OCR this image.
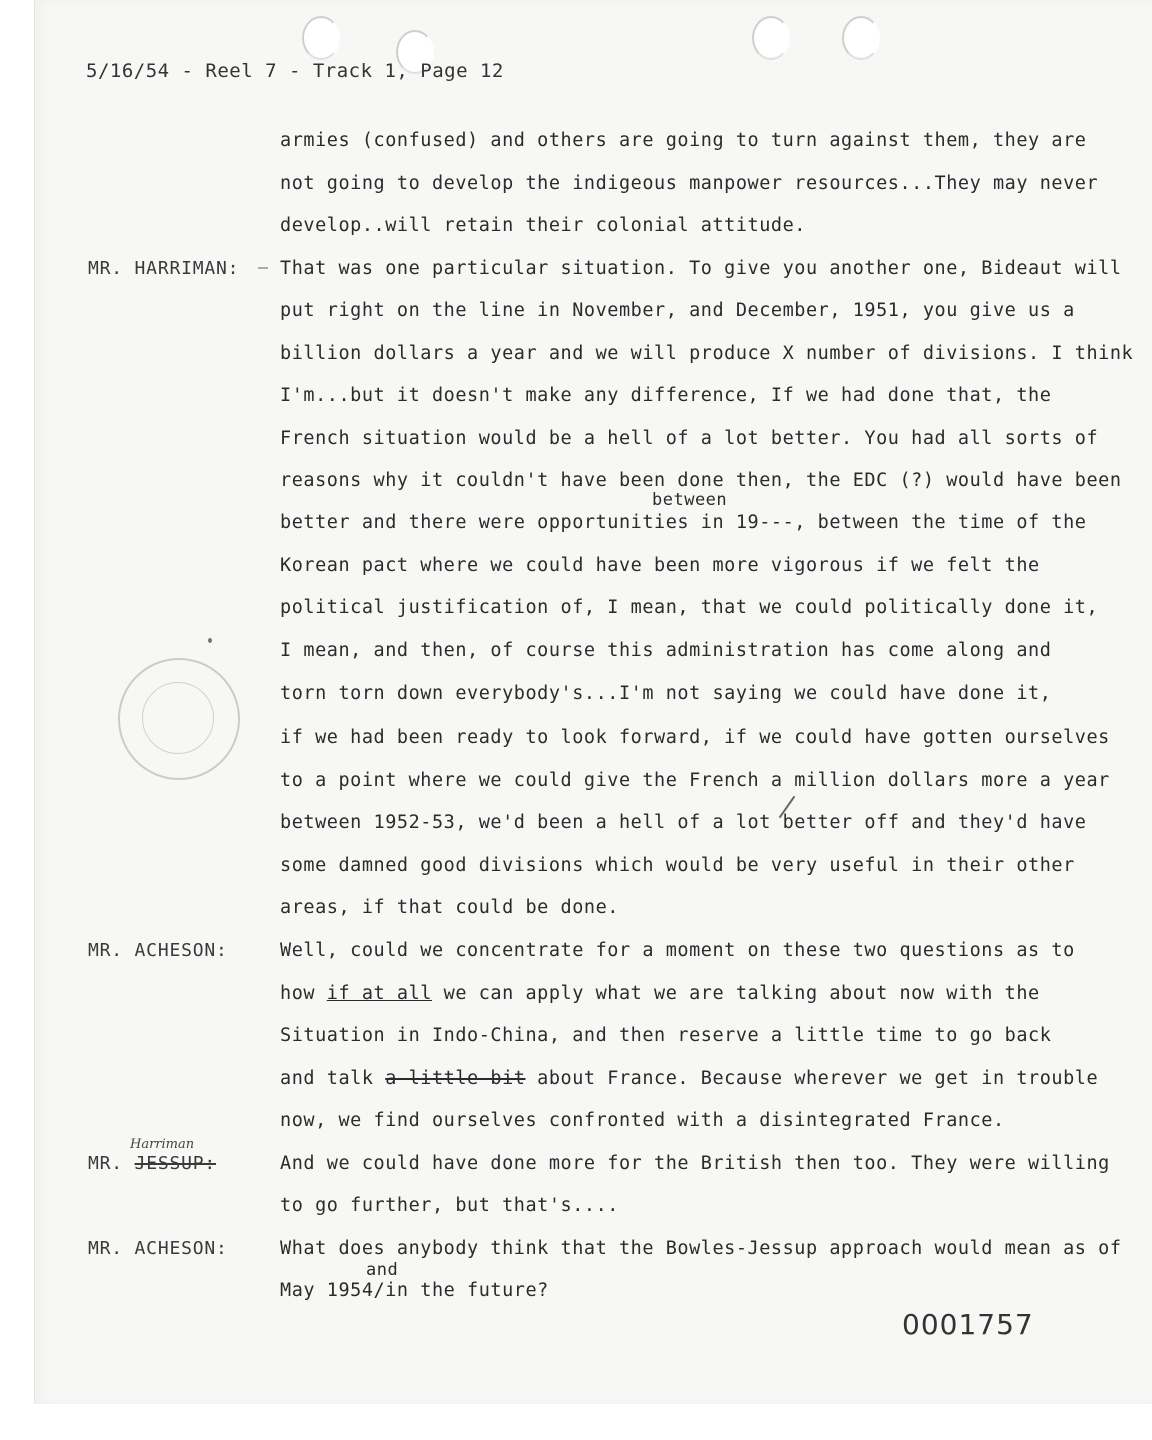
5/16/54 - Reel 7 - Track 1, Page 12
armies (confused) and others are going to turn against them, they are
not going to develop the indigeous manpower resources...They may never
develop..will retain their colonial attitude.
MR. HARRIMAN: That was one particular situation. To give you another one, Bideaut will
put right on the line in November, and December, 1951, you give us a
billion dollars a year and we will produce X number of divisions. I think
I'm...but it doesn't make any difference, If we had done that, the
French situation would be a hell of a lot better. You had all sorts of
reasons why it couldn't have been done then, the EDC (?) would have been
between
better and there were opportunities in 19---, between the time of the
Korean pact where we could have been more vigorous if we felt the
political justification of, I mean, that we could politically done it,
I mean, and then, of course this administration has come along and
torn torn down everybody's...I'm not saying we could have done it,
if we had been ready to look forward, if we could have gotten ourselves
to a point where we could give the French a million dollars more a year
between 1952-53, we'd been a hell of a lot better off and they'd have
some damned good divisions which would be very useful in their other
areas, if that could be done.
MR. ACHESON:	Well, could we concentrate for a moment on these two questions as to
how if at all we can apply what we are talking about now with the
Situation in Indo-China, and then reserve a little time to go back
and talk a little bit about France. Because wherever we get in trouble
now, we find ourselves confronted with a disintegrated France.
Harriman
MR. JESSUP:	And we could have done more for the British then too. They were willing
to go further, but that's....
MR. ACHESON:	What does anybody think that the Bowles-Jessup approach would mean as of
and
May 1954/in the future?
0001757
